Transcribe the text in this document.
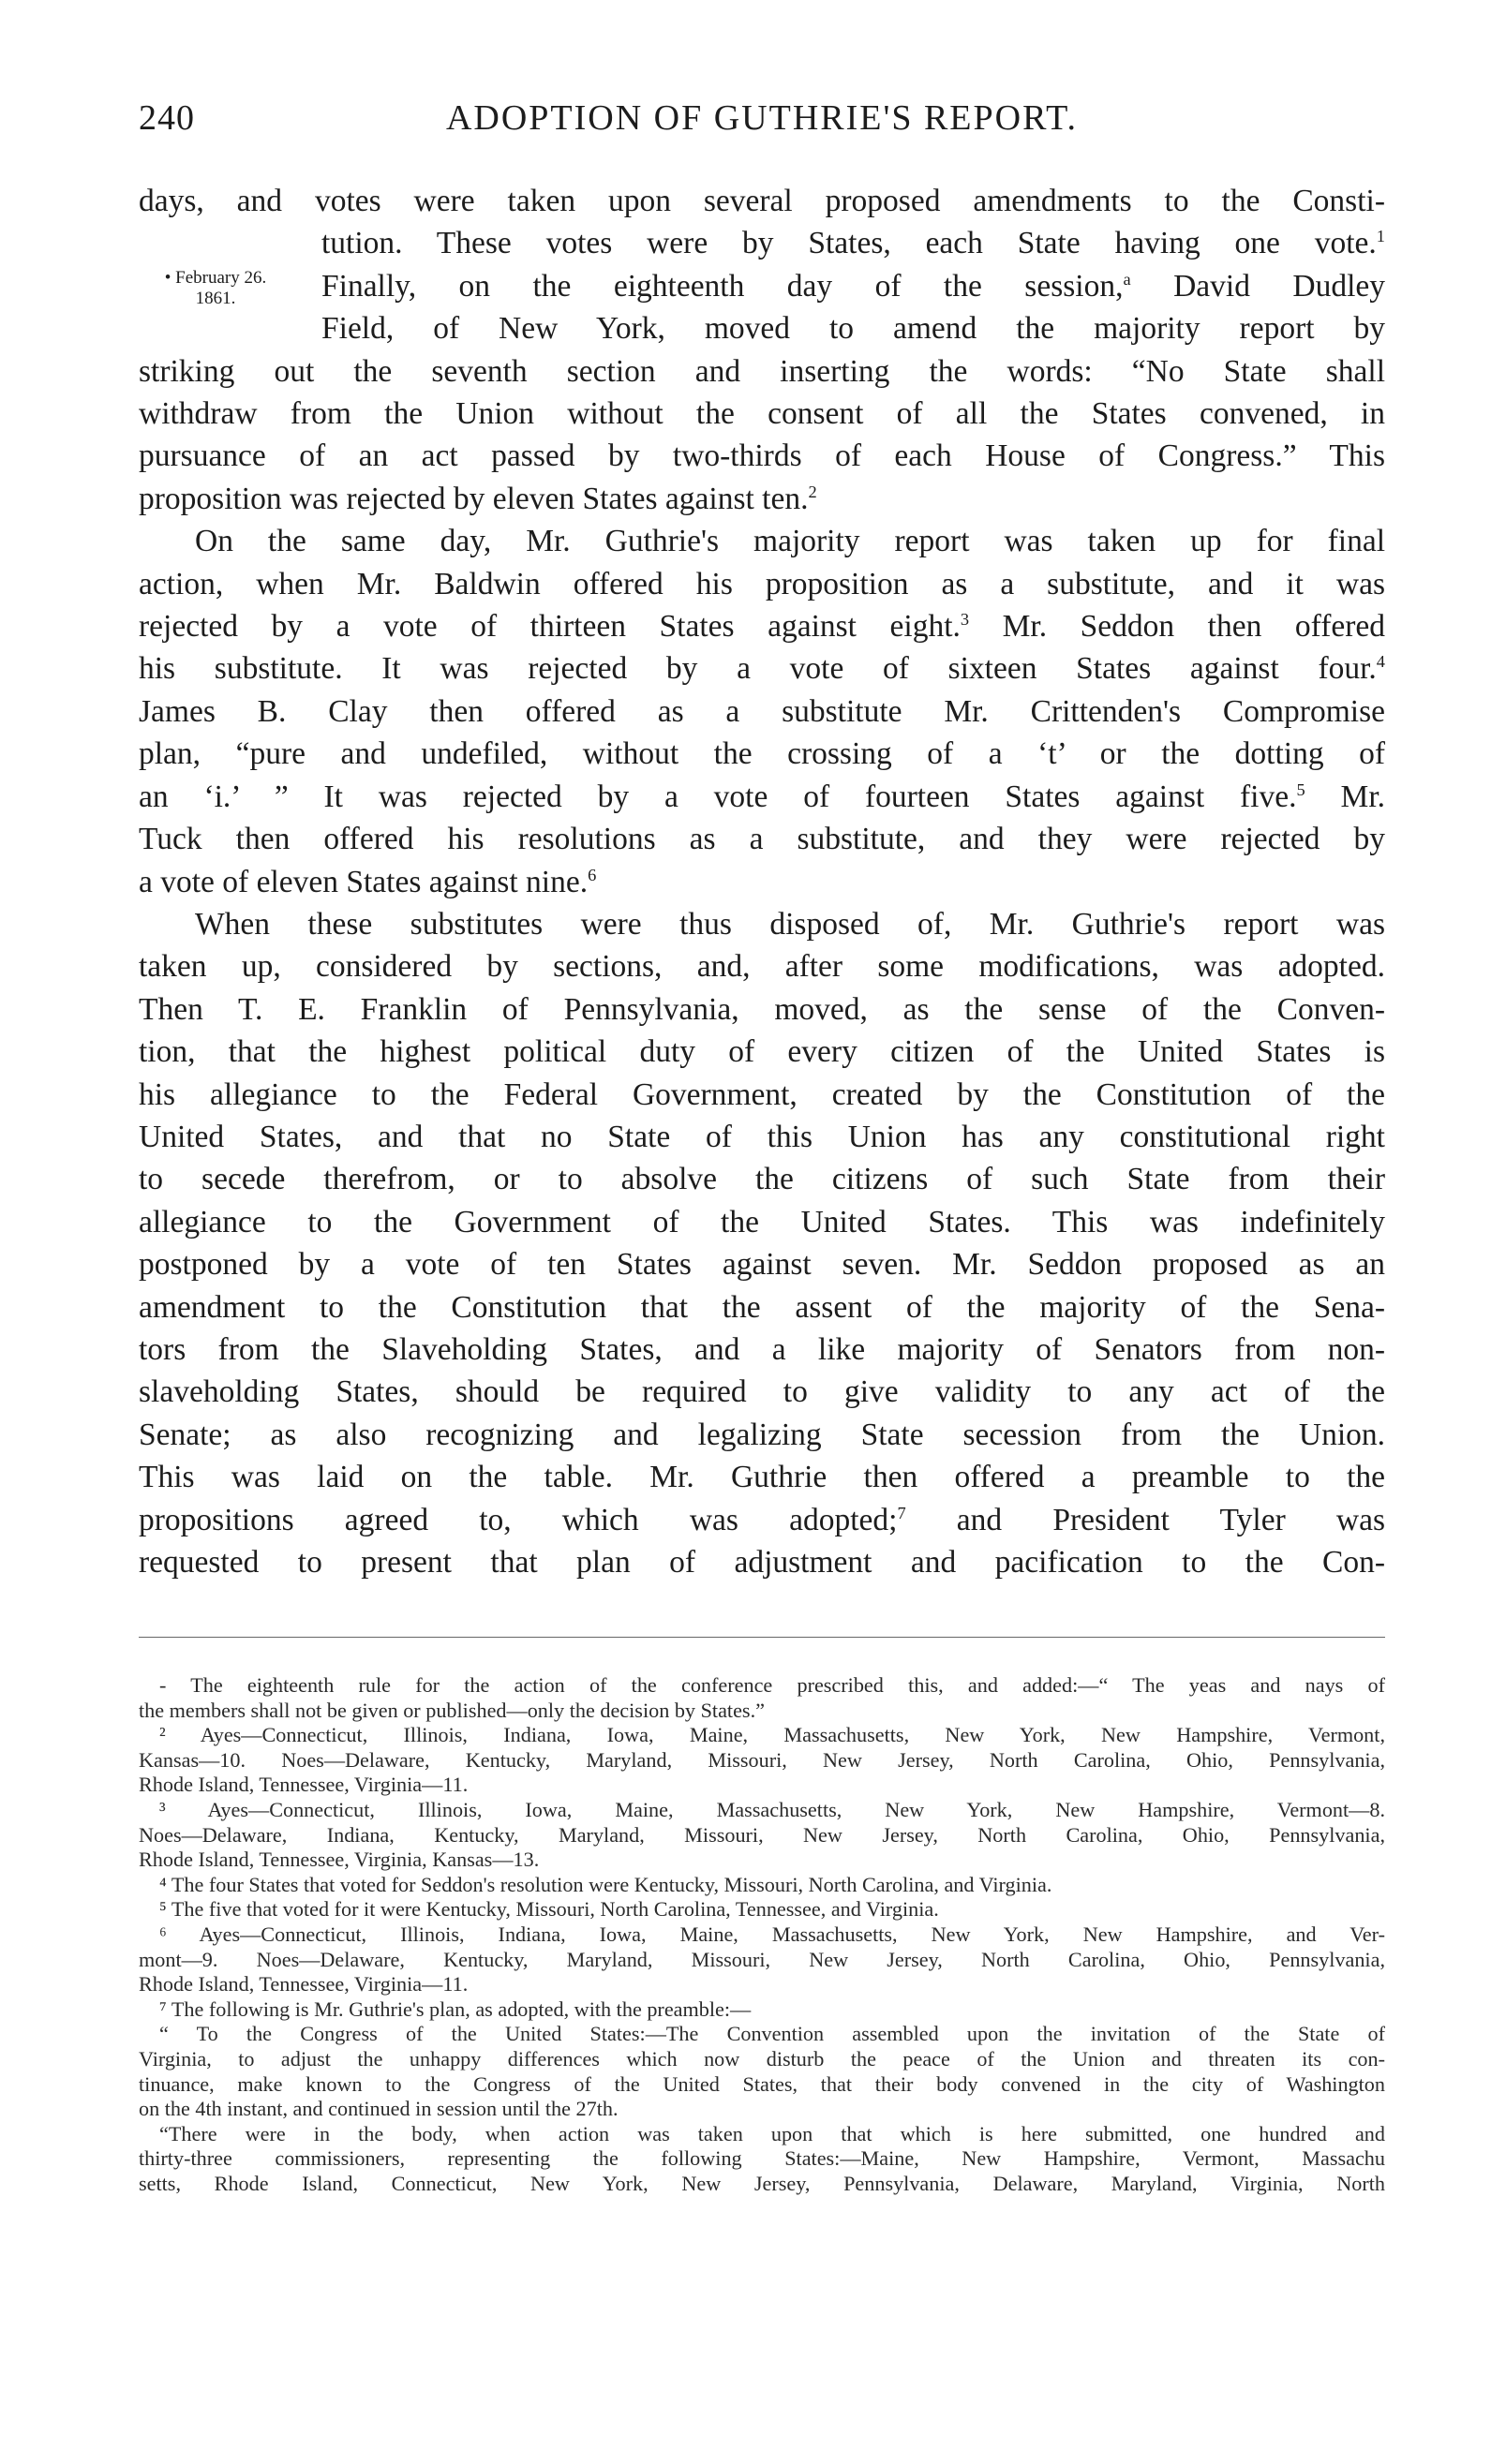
240	ADOPTION OF GUTHRIE'S REPORT.
• February 26.
1861.
days, and votes were taken upon several proposed amendments to the Consti-
tution. These votes were by States, each State having one vote.$^1$
Finally, on the eighteenth day of the session,$^a$ David Dudley
Field, of New York, moved to amend the majority report by
striking out the seventh section and inserting the words: “No State shall
withdraw from the Union without the consent of all the States convened, in
pursuance of an act passed by two-thirds of each House of Congress.” This
proposition was rejected by eleven States against ten.$^2$
On the same day, Mr. Guthrie's majority report was taken up for final
action, when Mr. Baldwin offered his proposition as a substitute, and it was
rejected by a vote of thirteen States against eight.$^3$ Mr. Seddon then offered
his substitute. It was rejected by a vote of sixteen States against four.$^4$
James B. Clay then offered as a substitute Mr. Crittenden's Compromise
plan, “pure and undefiled, without the crossing of a ‘t’ or the dotting of
an ‘i.’ ” It was rejected by a vote of fourteen States against five.$^5$ Mr.
Tuck then offered his resolutions as a substitute, and they were rejected by
a vote of eleven States against nine.$^6$
When these substitutes were thus disposed of, Mr. Guthrie's report was
taken up, considered by sections, and, after some modifications, was adopted.
Then T. E. Franklin of Pennsylvania, moved, as the sense of the Conven-
tion, that the highest political duty of every citizen of the United States is
his allegiance to the Federal Government, created by the Constitution of the
United States, and that no State of this Union has any constitutional right
to secede therefrom, or to absolve the citizens of such State from their
allegiance to the Government of the United States. This was indefinitely
postponed by a vote of ten States against seven. Mr. Seddon proposed as an
amendment to the Constitution that the assent of the majority of the Sena-
tors from the Slaveholding States, and a like majority of Senators from non-
slaveholding States, should be required to give validity to any act of the
Senate; as also recognizing and legalizing State secession from the Union.
This was laid on the table. Mr. Guthrie then offered a preamble to the
propositions agreed to, which was adopted;$^7$ and President Tyler was
requested to present that plan of adjustment and pacification to the Con-
- The eighteenth rule for the action of the conference prescribed this, and added:—“ The yeas and nays of
the members shall not be given or published—only the decision by States.”
² Ayes—Connecticut, Illinois, Indiana, Iowa, Maine, Massachusetts, New York, New Hampshire, Vermont,
Kansas—10. Noes—Delaware, Kentucky, Maryland, Missouri, New Jersey, North Carolina, Ohio, Pennsylvania,
Rhode Island, Tennessee, Virginia—11.
³ Ayes—Connecticut, Illinois, Iowa, Maine, Massachusetts, New York, New Hampshire, Vermont—8.
Noes—Delaware, Indiana, Kentucky, Maryland, Missouri, New Jersey, North Carolina, Ohio, Pennsylvania,
Rhode Island, Tennessee, Virginia, Kansas—13.
⁴ The four States that voted for Seddon's resolution were Kentucky, Missouri, North Carolina, and Virginia.
⁵ The five that voted for it were Kentucky, Missouri, North Carolina, Tennessee, and Virginia.
⁶ Ayes—Connecticut, Illinois, Indiana, Iowa, Maine, Massachusetts, New York, New Hampshire, and Ver-
mont—9. Noes—Delaware, Kentucky, Maryland, Missouri, New Jersey, North Carolina, Ohio, Pennsylvania,
Rhode Island, Tennessee, Virginia—11.
⁷ The following is Mr. Guthrie's plan, as adopted, with the preamble:—
“ To the Congress of the United States:—The Convention assembled upon the invitation of the State of
Virginia, to adjust the unhappy differences which now disturb the peace of the Union and threaten its con-
tinuance, make known to the Congress of the United States, that their body convened in the city of Washington
on the 4th instant, and continued in session until the 27th.
“There were in the body, when action was taken upon that which is here submitted, one hundred and
thirty-three commissioners, representing the following States:—Maine, New Hampshire, Vermont, Massachu
setts, Rhode Island, Connecticut, New York, New Jersey, Pennsylvania, Delaware, Maryland, Virginia, North
